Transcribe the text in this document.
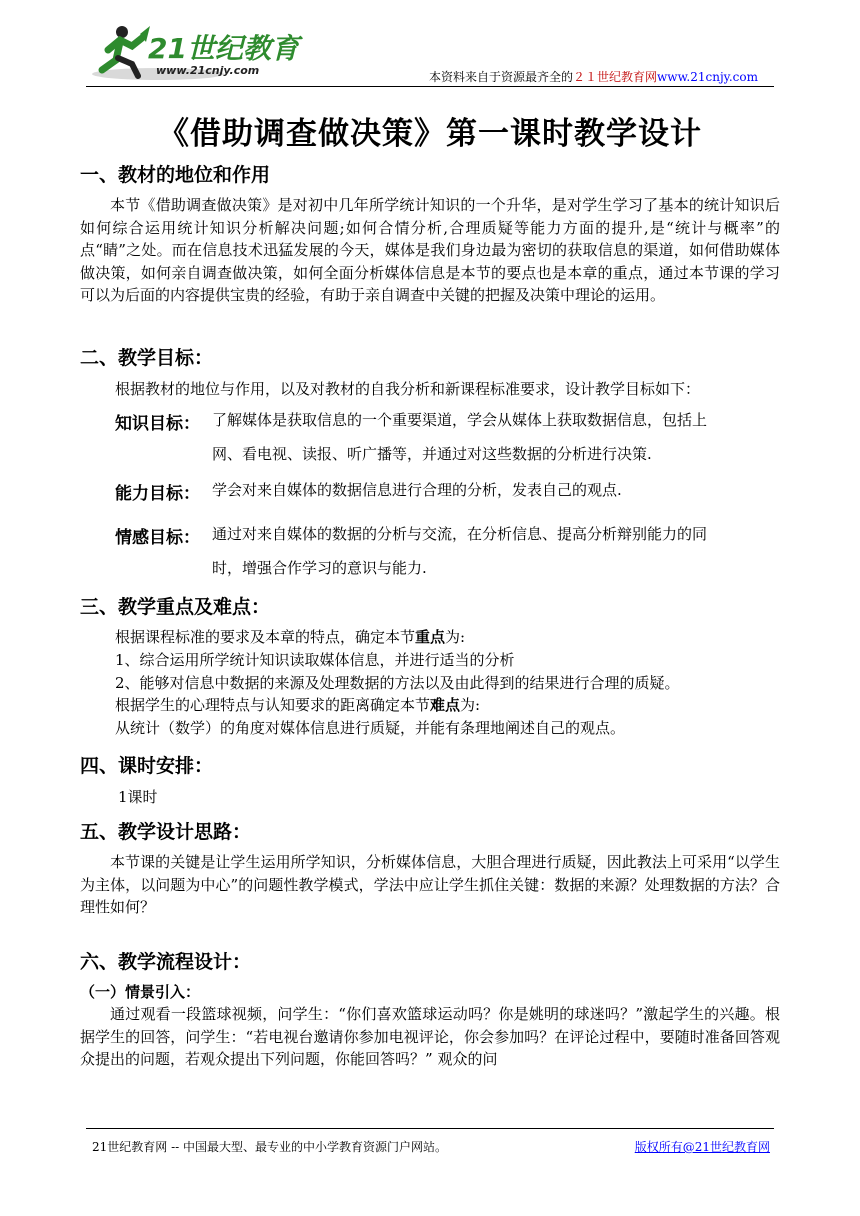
21世纪教育
www.21cnjy.com	本资料来自于资源最齐全的２１世纪教育网www.21cnjy.com
《借助调查做决策》第一课时教学设计
一、教材的地位和作用
本节《借助调查做决策》是对初中几年所学统计知识的一个升华，是对学生学习了基本的统计知识后如何综合运用统计知识分析解决问题;如何合情分析,合理质疑等能力方面的提升,是“统计与概率”的点“睛”之处。而在信息技术迅猛发展的今天，媒体是我们身边最为密切的获取信息的渠道，如何借助媒体做决策，如何亲自调查做决策，如何全面分析媒体信息是本节的要点也是本章的重点，通过本节课的学习可以为后面的内容提供宝贵的经验，有助于亲自调查中关键的把握及决策中理论的运用。
二、教学目标：
根据教材的地位与作用，以及对教材的自我分析和新课程标准要求，设计教学目标如下：
知识目标： 了解媒体是获取信息的一个重要渠道，学会从媒体上获取数据信息，包括上
网、看电视、读报、听广播等，并通过对这些数据的分析进行决策.
能力目标： 学会对来自媒体的数据信息进行合理的分析，发表自己的观点.
情感目标： 通过对来自媒体的数据的分析与交流，在分析信息、提高分析辩别能力的同
时，增强合作学习的意识与能力.
三、教学重点及难点：
根据课程标准的要求及本章的特点，确定本节重点为:
1、综合运用所学统计知识读取媒体信息，并进行适当的分析
2、能够对信息中数据的来源及处理数据的方法以及由此得到的结果进行合理的质疑。
根据学生的心理特点与认知要求的距离确定本节难点为:
从统计（数学）的角度对媒体信息进行质疑，并能有条理地阐述自己的观点。
四、课时安排：
1课时
五、教学设计思路：
本节课的关键是让学生运用所学知识，分析媒体信息，大胆合理进行质疑，因此教法上可采用“以学生为主体，以问题为中心”的问题性教学模式，学法中应让学生抓住关键：数据的来源？处理数据的方法？合理性如何？
六、教学流程设计：
（一）情景引入：
通过观看一段篮球视频，问学生：“你们喜欢篮球运动吗？你是姚明的球迷吗？”激起学生的兴趣。根据学生的回答，问学生：“若电视台邀请你参加电视评论，你会参加吗？在评论过程中，要随时准备回答观众提出的问题，若观众提出下列问题，你能回答吗？” 观众的问
21世纪教育网 -- 中国最大型、最专业的中小学教育资源门户网站。	版权所有@21世纪教育网
